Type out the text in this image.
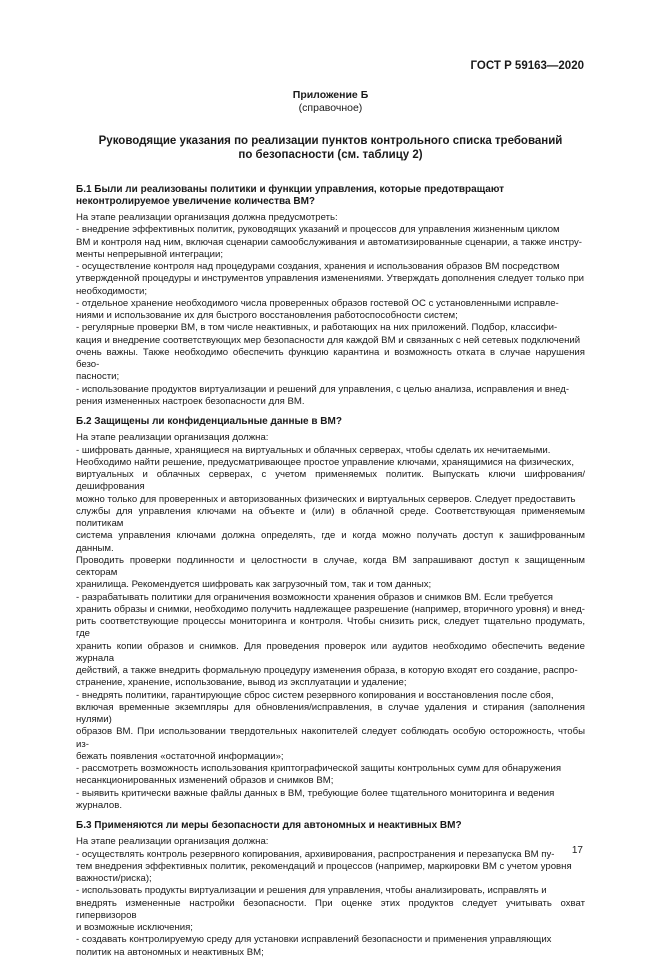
ГОСТ Р 59163—2020
Приложение Б
(справочное)
Руководящие указания по реализации пунктов контрольного списка требований
по безопасности (см. таблицу 2)
Б.1 Были ли реализованы политики и функции управления, которые предотвращают
неконтролируемое увеличение количества ВМ?
На этапе реализации организация должна предусмотреть:
- внедрение эффективных политик, руководящих указаний и процессов для управления жизненным циклом
ВМ и контроля над ним, включая сценарии самообслуживания и автоматизированные сценарии, а также инстру-
менты непрерывной интеграции;
- осуществление контроля над процедурами создания, хранения и использования образов ВМ посредством
утвержденной процедуры и инструментов управления изменениями. Утверждать дополнения следует только при
необходимости;
- отдельное хранение необходимого числа проверенных образов гостевой ОС с установленными исправле-
ниями и использование их для быстрого восстановления работоспособности систем;
- регулярные проверки ВМ, в том числе неактивных, и работающих на них приложений. Подбор, классифи-
кация и внедрение соответствующих мер безопасности для каждой ВМ и связанных с ней сетевых подключений
очень важны. Также необходимо обеспечить функцию карантина и возможность отката в случае нарушения безо-
пасности;
- использование продуктов виртуализации и решений для управления, с целью анализа, исправления и внед-
рения измененных настроек безопасности для ВМ.
Б.2 Защищены ли конфиденциальные данные в ВМ?
На этапе реализации организация должна:
- шифровать данные, хранящиеся на виртуальных и облачных серверах, чтобы сделать их нечитаемыми.
Необходимо найти решение, предусматривающее простое управление ключами, хранящимися на физических,
виртуальных и облачных серверах, с учетом применяемых политик. Выпускать ключи шифрования/дешифрования
можно только для проверенных и авторизованных физических и виртуальных серверов. Следует предоставить
службы для управления ключами на объекте и (или) в облачной среде. Соответствующая применяемым политикам
система управления ключами должна определять, где и когда можно получать доступ к зашифрованным данным.
Проводить проверки подлинности и целостности в случае, когда ВМ запрашивают доступ к защищенным секторам
хранилища. Рекомендуется шифровать как загрузочный том, так и том данных;
- разрабатывать политики для ограничения возможности хранения образов и снимков ВМ. Если требуется
хранить образы и снимки, необходимо получить надлежащее разрешение (например, вторичного уровня) и внед-
рить соответствующие процессы мониторинга и контроля. Чтобы снизить риск, следует тщательно продумать, где
хранить копии образов и снимков. Для проведения проверок или аудитов необходимо обеспечить ведение журнала
действий, а также внедрить формальную процедуру изменения образа, в которую входят его создание, распро-
странение, хранение, использование, вывод из эксплуатации и удаление;
- внедрять политики, гарантирующие сброс систем резервного копирования и восстановления после сбоя,
включая временные экземпляры для обновления/исправления, в случае удаления и стирания (заполнения нулями)
образов ВМ. При использовании твердотельных накопителей следует соблюдать особую осторожность, чтобы из-
бежать появления «остаточной информации»;
- рассмотреть возможность использования криптографической защиты контрольных сумм для обнаружения
несанкционированных изменений образов и снимков ВМ;
- выявить критически важные файлы данных в ВМ, требующие более тщательного мониторинга и ведения
журналов.
Б.3 Применяются ли меры безопасности для автономных и неактивных ВМ?
На этапе реализации организация должна:
- осуществлять контроль резервного копирования, архивирования, распространения и перезапуска ВМ пу-
тем внедрения эффективных политик, рекомендаций и процессов (например, маркировки ВМ с учетом уровня
важности/риска);
- использовать продукты виртуализации и решения для управления, чтобы анализировать, исправлять и
внедрять измененные настройки безопасности. При оценке этих продуктов следует учитывать охват гипервизоров
и возможные исключения;
- создавать контролируемую среду для установки исправлений безопасности и применения управляющих
политик на автономных и неактивных ВМ;
17
